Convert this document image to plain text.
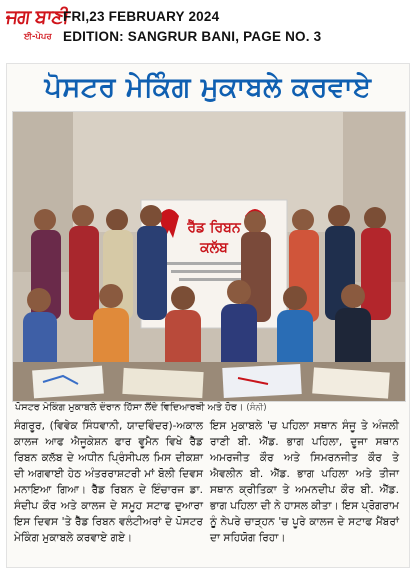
ਜਗ ਬਾਣੀ
ਈ-ਪੇਪਰ
FRI,23 FEBRUARY 2024
EDITION: SANGRUR BANI, PAGE NO. 3
ਪੋਸਟਰ ਮੇਕਿੰਗ ਮੁਕਾਬਲੇ ਕਰਵਾਏ
ਰੈੱਡ ਰਿਬਨ
ਕਲੱਬ
ਪੋਸਟਰ ਮੇਕਿੰਗ ਮੁਕਾਬਲੇ ਦੌਰਾਨ ਹਿੱਸਾ ਲੈਂਦੇ ਵਿਦਿਆਰਥੀ ਅਤੇ ਹੋਰ। (ਸੰਨੀ)

ਸੰਗਰੂਰ, (ਵਿਵੇਕ ਸਿੰਧਵਾਨੀ, ਯਾਦਵਿੰਦਰ)-ਅਕਾਲ ਕਾਲਜ ਆਫ ਐਜੂਕੇਸ਼ਨ ਫਾਰ ਵੂਮੈਨ ਵਿਖੇ ਰੈੱਡ ਰਿਬਨ ਕਲੱਬ ਦੇ ਅਧੀਨ ਪ੍ਰਿੰਸੀਪਲ ਮਿਸ ਦੀਕਸ਼ਾ ਦੀ ਅਗਵਾਈ ਹੇਠ ਅੰਤਰਰਾਸ਼ਟਰੀ ਮਾਂ ਬੋਲੀ ਦਿਵਸ ਮਨਾਇਆ ਗਿਆ। ਰੈੱਡ ਰਿਬਨ ਦੇ ਇੰਚਾਰਜ ਡਾ. ਸੰਦੀਪ ਕੌਰ ਅਤੇ ਕਾਲਜ ਦੇ ਸਮੂਹ ਸਟਾਫ ਦੁਆਰਾ ਇਸ ਦਿਵਸ 'ਤੇ ਰੈੱਡ ਰਿਬਨ ਵਲੰਟੀਅਰਾਂ ਦੇ ਪੋਸਟਰ ਮੇਕਿੰਗ ਮੁਕਾਬਲੇ ਕਰਵਾਏ ਗਏ।

ਇਸ ਮੁਕਾਬਲੇ 'ਚ ਪਹਿਲਾ ਸਥਾਨ ਸੰਜੂ ਤੇ ਅੰਜਲੀ ਰਾਣੀ ਬੀ. ਐੱਡ. ਭਾਗ ਪਹਿਲਾ, ਦੂਜਾ ਸਥਾਨ ਅਮਰਜੀਤ ਕੌਰ ਅਤੇ ਸਿਮਰਨਜੀਤ ਕੌਰ ਤੇ ਐਵਲੀਨ ਬੀ. ਐੱਡ. ਭਾਗ ਪਹਿਲਾ ਅਤੇ ਤੀਜਾ ਸਥਾਨ ਕ੍ਰੀਤਿਕਾ ਤੇ ਅਮਨਦੀਪ ਕੌਰ ਬੀ. ਐੱਡ. ਭਾਗ ਪਹਿਲਾ ਦੀ ਨੇ ਹਾਸਲ ਕੀਤਾ। ਇਸ ਪ੍ਰੋਗਰਾਮ ਨੂੰ ਨੇਪਰੇ ਚਾੜ੍ਹਨ 'ਚ ਪੂਰੇ ਕਾਲਜ ਦੇ ਸਟਾਫ ਮੈਂਬਰਾਂ ਦਾ ਸਹਿਯੋਗ ਰਿਹਾ।
